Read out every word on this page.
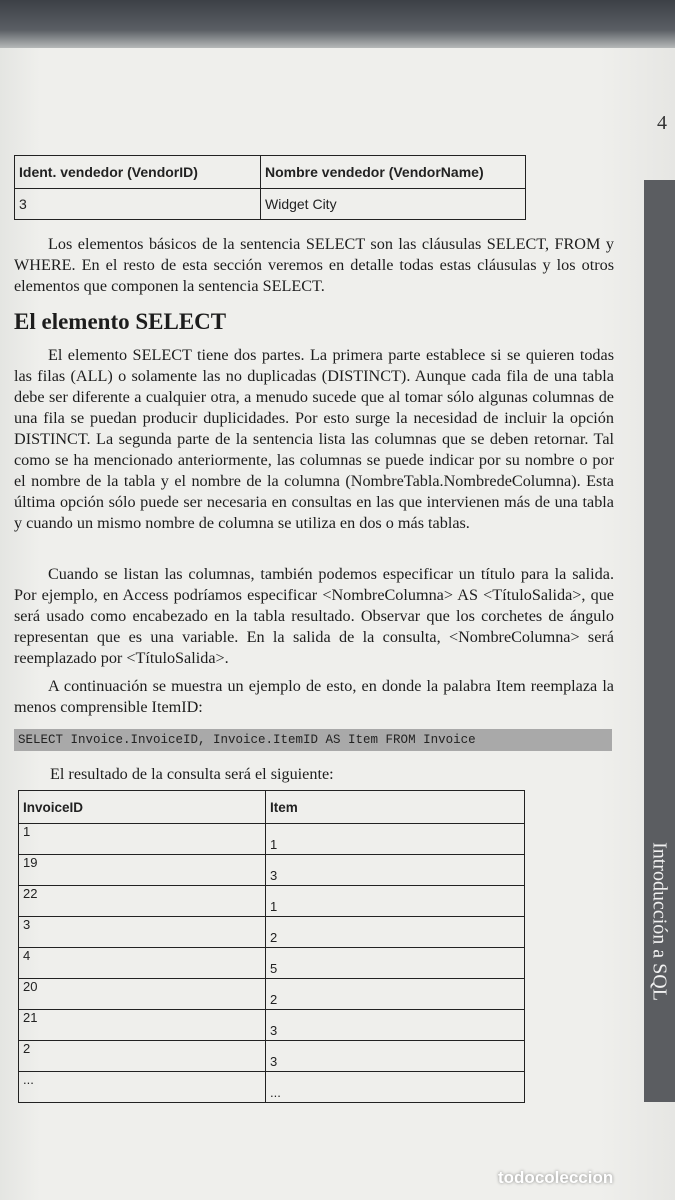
4
Ident. vendedor (VendorID)	Nombre vendedor (VendorName)
3	Widget City

Los elementos básicos de la sentencia SELECT son las cláusulas SELECT, FROM y WHERE. En el resto de esta sección veremos en detalle todas estas cláusulas y los otros elementos que componen la sentencia SELECT.

El elemento SELECT

El elemento SELECT tiene dos partes. La primera parte establece si se quieren todas las filas (ALL) o solamente las no duplicadas (DISTINCT). Aunque cada fila de una tabla debe ser diferente a cualquier otra, a menudo sucede que al tomar sólo algunas columnas de una fila se puedan producir duplicidades. Por esto surge la necesidad de incluir la opción DISTINCT. La segunda parte de la sentencia lista las columnas que se deben retornar. Tal como se ha mencionado anteriormente, las columnas se puede indicar por su nombre o por el nombre de la tabla y el nombre de la columna (NombreTabla.NombredeColumna). Esta última opción sólo puede ser necesaria en consultas en las que intervienen más de una tabla y cuando un mismo nombre de columna se utiliza en dos o más tablas.

Cuando se listan las columnas, también podemos especificar un título para la salida. Por ejemplo, en Access podríamos especificar <NombreColumna> AS <TítuloSalida>, que será usado como encabezado en la tabla resultado. Observar que los corchetes de ángulo representan que es una variable. En la salida de la consulta, <NombreColumna> será reemplazado por <TítuloSalida>.

A continuación se muestra un ejemplo de esto, en donde la palabra Item reemplaza la menos comprensible ItemID:

SELECT Invoice.InvoiceID, Invoice.ItemID AS Item FROM Invoice

El resultado de la consulta será el siguiente:

InvoiceID	Item
1	1
19	3
22	1
3	2
4	5
20	2
21	3
2	3
...	...
Introducción a SQL
todocoleccion
